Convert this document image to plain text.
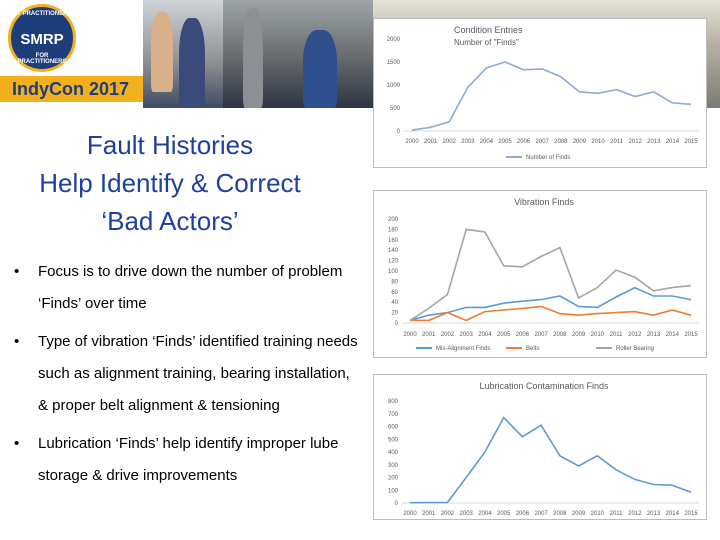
BY PRACTITIONERS
SMRP
FOR PRACTITIONERS
IndyCon 2017
Fault Histories
Help Identify & Correct
‘Bad Actors’
• Focus is to drive down the number of problem ‘Finds’ over time
• Type of vibration ‘Finds’ identified training needs such as alignment training, bearing installation, & proper belt alignment & tensioning
• Lubrication ‘Finds’ help identify improper lube storage & drive improvements
Condition Entries
Number of "Finds"
0
500
1000
1500
2000
2000 2001 2002 2003 2004 2005 2006 2007 2008 2009 2010 2011 2012 2013 2014 2015
Number of Finds
Vibration Finds
0
20
40
60
80
100
120
140
160
180
200
2000 2001 2002 2003 2004 2005 2006 2007 2008 2009 2010 2011 2012 2013 2014 2015
Mis-Alignment Finds	Belts	Roller Bearing
Lubrication Contamination Finds
0
100
200
300
400
500
600
700
800
2000 2001 2002 2003 2004 2005 2006 2007 2008 2009 2010 2011 2012 2013 2014 2015
